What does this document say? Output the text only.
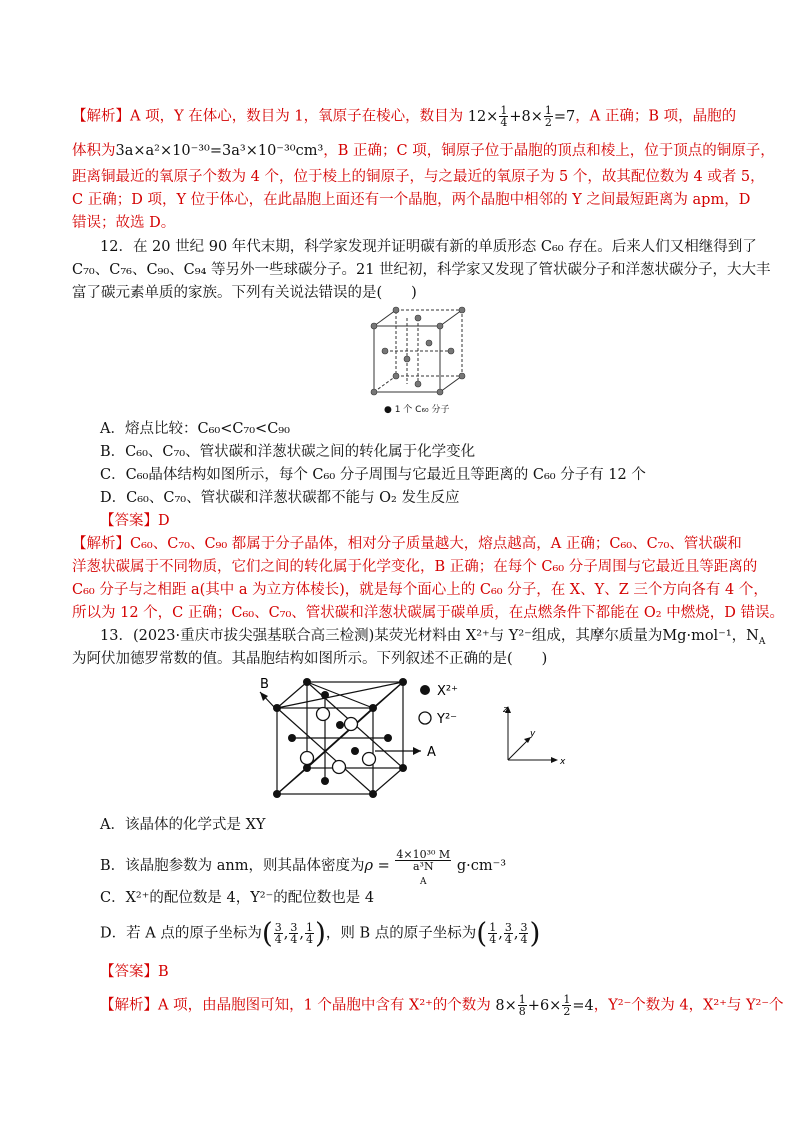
【解析】A 项，Y 在体心，数目为 1，氧原子在棱心，数目为 $12\times \frac{1}{4} +8\times \frac{1}{2} =7$，A 正确；B 项，晶胞的
体积为3a×a²×10⁻³⁰=3a³×10⁻³⁰cm³，B 正确；C 项，铜原子位于晶胞的顶点和棱上，位于顶点的铜原子，
距离铜最近的氧原子个数为 4 个，位于棱上的铜原子，与之最近的氧原子为 5 个，故其配位数为 4 或者 5，
C 正确；D 项，Y 位于体心，在此晶胞上面还有一个晶胞，两个晶胞中相邻的 Y 之间最短距离为 apm，D
错误；故选 D。
12．在 20 世纪 90 年代末期，科学家发现并证明碳有新的单质形态 C₆₀ 存在。后来人们又相继得到了
C₇₀、C₇₆、C₉₀、C₉₄ 等另外一些球碳分子。21 世纪初，科学家又发现了管状碳分子和洋葱状碳分子，大大丰
富了碳元素单质的家族。下列有关说法错误的是(　　)
● 1 个 C₆₀ 分子
A．熔点比较：C₆₀<C₇₀<C₉₀
B．C₆₀、C₇₀、管状碳和洋葱状碳之间的转化属于化学变化
C．C₆₀晶体结构如图所示，每个 C₆₀ 分子周围与它最近且等距离的 C₆₀ 分子有 12 个
D．C₆₀、C₇₀、管状碳和洋葱状碳都不能与 O₂ 发生反应
【答案】D
【解析】C₆₀、C₇₀、C₉₀ 都属于分子晶体，相对分子质量越大，熔点越高，A 正确；C₆₀、C₇₀、管状碳和
洋葱状碳属于不同物质，它们之间的转化属于化学变化，B 正确；在每个 C₆₀ 分子周围与它最近且等距离的
C₆₀ 分子与之相距 a(其中 a 为立方体棱长)，就是每个面心上的 C₆₀ 分子，在 X、Y、Z 三个方向各有 4 个，
所以为 12 个，C 正确；C₆₀、C₇₀、管状碳和洋葱状碳属于碳单质，在点燃条件下都能在 O₂ 中燃烧，D 错误。
13．(2023·重庆市拔尖强基联合高三检测)某荧光材料由 X²⁺与 Y²⁻组成，其摩尔质量为Mg·mol⁻¹，$N_A$
为阿伏加德罗常数的值。其晶胞结构如图所示。下列叙述不正确的是(　　)
B
A
X²⁺
Y²⁻
z
y
x
A．该晶体的化学式是 XY
B．该晶胞参数为 anm，则其晶体密度为ρ = 4×10³⁰ M
a³N
$_A$ g·cm⁻³
C．X²⁺的配位数是 4，Y²⁻的配位数也是 4
D．若 A 点的原子坐标为( $\frac{3}{4}$ , $\frac{3}{4}$ , $\frac{1}{4}$ )，则 B 点的原子坐标为( $\frac{1}{4}$ , $\frac{3}{4}$ , $\frac{3}{4}$ )
【答案】B
【解析】A 项，由晶胞图可知，1 个晶胞中含有 X²⁺的个数为 $8\times \frac{1}{8} +6\times \frac{1}{2} =4$，Y²⁻个数为 4，X²⁺与 Y²⁻个
